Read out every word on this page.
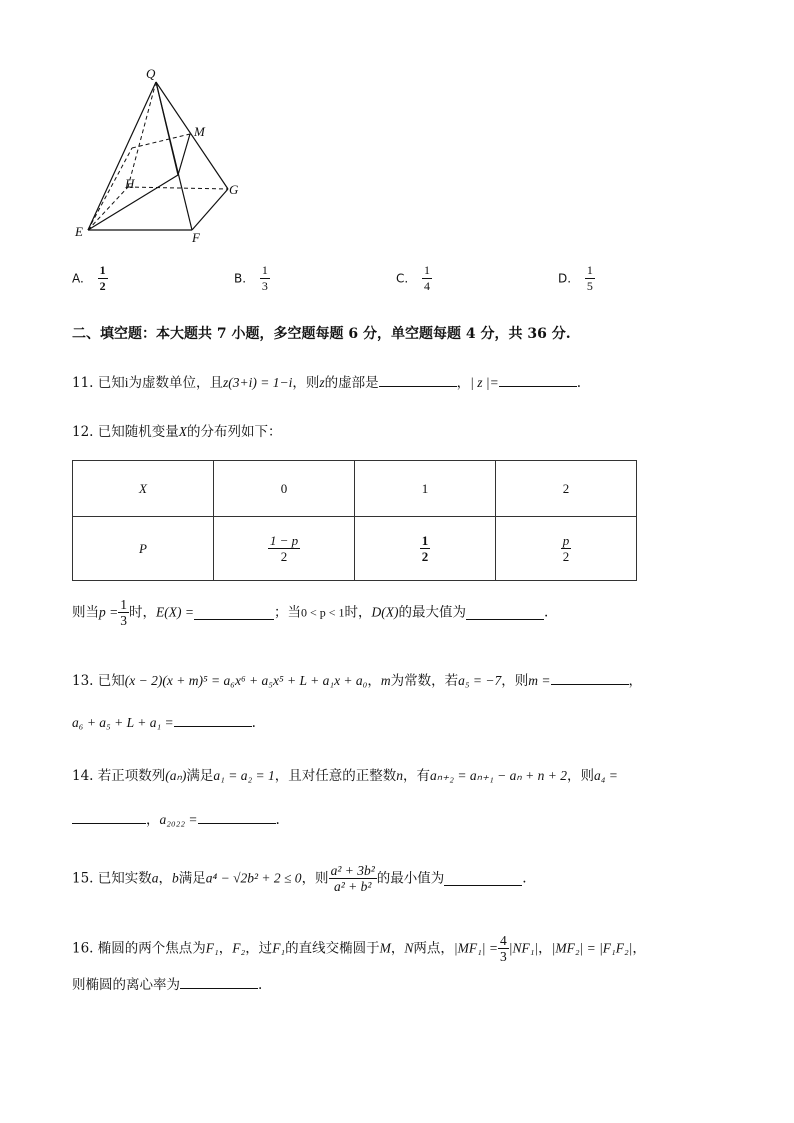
Q
M
H	G
E	F
A. $\frac{1}{2}$	B. $\frac{1}{3}$	C. $\frac{1}{4}$	D. $\frac{1}{5}$
二、填空题：本大题共 7 小题，多空题每题 6 分，单空题每题 4 分，共 36 分.
11. 已知i为虚数单位，且z(3+i) = 1−i，则z的虚部是	，| z |=	.
12. 已知随机变量X的分布列如下：
X	0	1	2
P	$\frac{1 - p}{2}$	$\frac{1}{2}$	$\frac{p}{2}$
则当$p = \frac{1}{3}$ 时，E(X) =	；当0 < p < 1时，D(X)的最大值为	.
13. 已知(x − 2)(x + m)⁵ = a₆x⁶ + a₅x⁵ + L + a₁x + a₀，m为常数，若a₅ = −7，则m =	，
a₆ + a₅ + L + a₁ =	.
14. 若正项数列(aₙ)满足a₁ = a₂ = 1，且对任意的正整数n，有aₙ₊₂ = aₙ₊₁ − aₙ + n + 2，则a₄ =
，a₂₀₂₂ =	.
15. 已知实数a，b满足a⁴ − √2b² + 2 ≤ 0，则 $\frac{\text{a² + 3b²}}{\text{a² + b²}}$ 的最小值为	.
16. 椭圆的两个焦点为F₁，F₂，过F₁的直线交椭圆于M，N两点，$|MF_1| = \frac{4}{3} |NF_1|$，|MF₂| = |F₁F₂|，
则椭圆的离心率为	.
